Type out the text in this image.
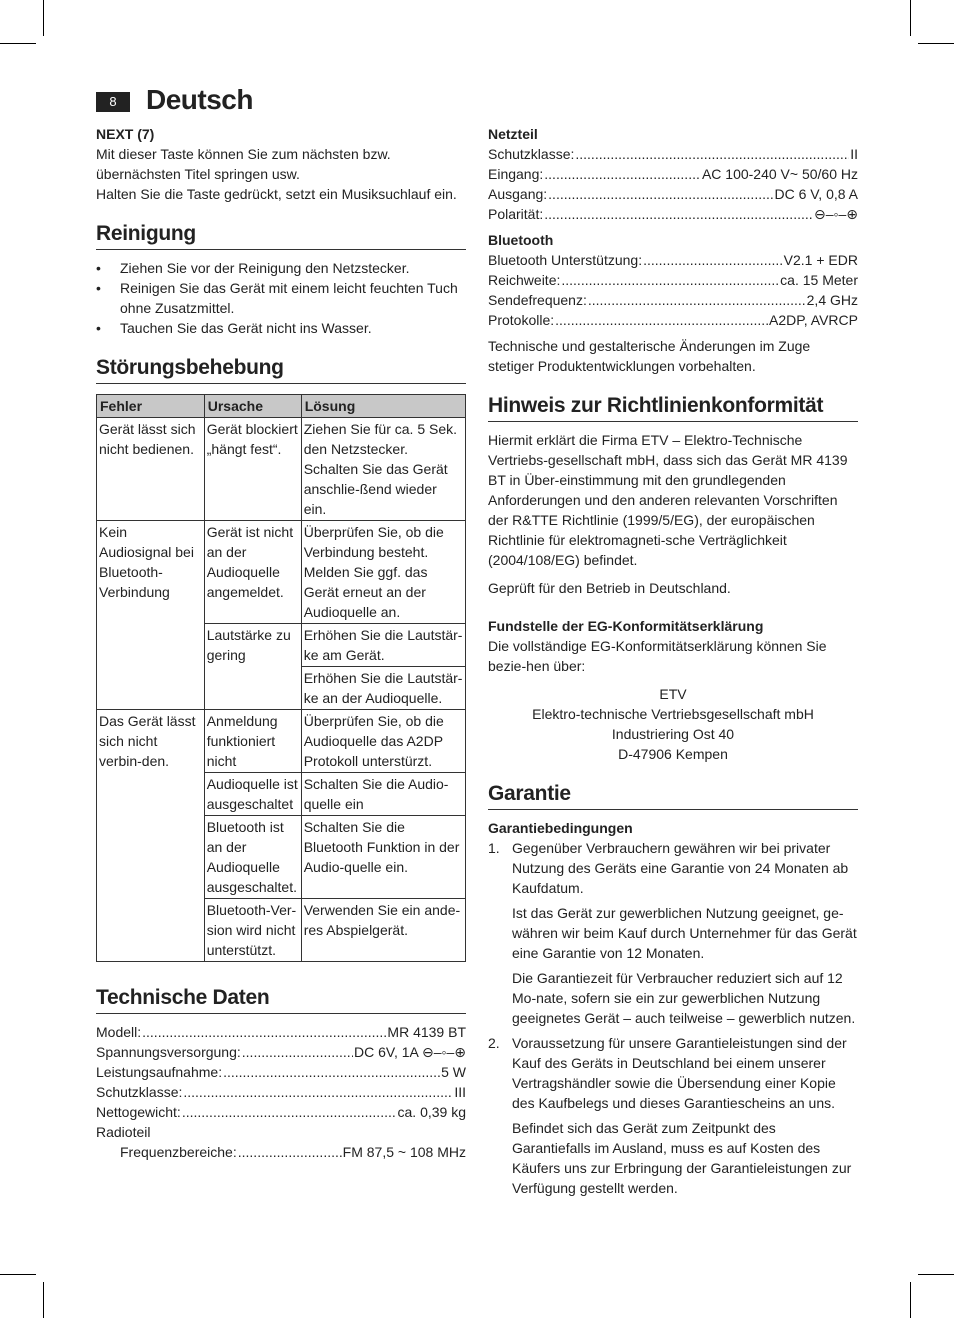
8	Deutsch
NEXT (7)

Mit dieser Taste können Sie zum nächsten bzw. übernächsten Titel springen usw.

Halten Sie die Taste gedrückt, setzt ein Musiksuchlauf ein.

Reinigung
• Ziehen Sie vor der Reinigung den Netzstecker.
• Reinigen Sie das Gerät mit einem leicht feuchten Tuch ohne Zusatzmittel.
• Tauchen Sie das Gerät nicht ins Wasser.
Störungsbehebung
Fehler	Ursache	Lösung
Gerät lässt sich nicht bedienen.	Gerät blockiert „hängt fest“.	Ziehen Sie für ca. 5 Sek. den Netzstecker. Schalten Sie das Gerät anschlie-ßend wieder ein.
Kein Audiosignal bei Bluetooth-Verbindung	Gerät ist nicht an der Audioquelle angemeldet.	Überprüfen Sie, ob die Verbindung besteht. Melden Sie ggf. das Gerät erneut an der Audioquelle an.
	Lautstärke zu gering	Erhöhen Sie die Lautstär-ke am Gerät.
		Erhöhen Sie die Lautstär-ke an der Audioquelle.
Das Gerät lässt sich nicht verbin-den.	Anmeldung funktioniert nicht	Überprüfen Sie, ob die Audioquelle das A2DP Protokoll unterstürzt.
	Audioquelle ist ausgeschaltet	Schalten Sie die Audio-quelle ein
	Bluetooth ist an der Audioquelle ausgeschaltet.	Schalten Sie die Bluetooth Funktion in der Audio-quelle ein.
	Bluetooth-Ver-sion wird nicht unterstützt.	Verwenden Sie ein ande-res Abspielgerät.
Technische Daten
Modell: .....	MR 4139 BT
Spannungsversorgung: .....	DC 6V, 1A ⊖–◦–⊕
Leistungsaufnahme: .....	5 W
Schutzklasse: .....	III
Nettogewicht: .....	ca. 0,39 kg
Radioteil
Frequenzbereiche: .....	FM 87,5 ~ 108 MHz
Netzteil
Schutzklasse: .....	II
Eingang: .....	AC 100-240 V~ 50/60 Hz
Ausgang: .....	DC 6 V, 0,8 A
Polarität: .....	⊖–◦–⊕
Bluetooth
Bluetooth Unterstützung: .....	V2.1 + EDR
Reichweite: .....	ca. 15 Meter
Sendefrequenz: .....	2,4 GHz
Protokolle: .....	A2DP, AVRCP

Technische und gestalterische Änderungen im Zuge stetiger Produktentwicklungen vorbehalten.

Hinweis zur Richtlinienkonformität

Hiermit erklärt die Firma ETV – Elektro-Technische Vertriebs-gesellschaft mbH, dass sich das Gerät MR 4139 BT in Über-einstimmung mit den grundlegenden Anforderungen und den anderen relevanten Vorschriften der R&TTE Richtlinie (1999/5/EG), der europäischen Richtlinie für elektromagneti-sche Verträglichkeit (2004/108/EG) befindet.

Geprüft für den Betrieb in Deutschland.

Fundstelle der EG-Konformitätserklärung

Die vollständige EG-Konformitätserklärung können Sie bezie-hen über:

ETV
Elektro-technische Vertriebsgesellschaft mbH
Industriering Ost 40
D-47906 Kempen
Garantie
Garantiebedingungen
1. Gegenüber Verbrauchern gewähren wir bei privater Nutzung des Geräts eine Garantie von 24 Monaten ab Kaufdatum.

Ist das Gerät zur gewerblichen Nutzung geeignet, ge-währen wir beim Kauf durch Unternehmer für das Gerät eine Garantie von 12 Monaten.

Die Garantiezeit für Verbraucher reduziert sich auf 12 Mo-nate, sofern sie ein zur gewerblichen Nutzung geeignetes Gerät – auch teilweise – gewerblich nutzen.

2. Voraussetzung für unsere Garantieleistungen sind der Kauf des Geräts in Deutschland bei einem unserer Vertragshändler sowie die Übersendung einer Kopie des Kaufbelegs und dieses Garantiescheins an uns.

Befindet sich das Gerät zum Zeitpunkt des Garantiefalls im Ausland, muss es auf Kosten des Käufers uns zur Erbringung der Garantieleistungen zur Verfügung gestellt werden.
